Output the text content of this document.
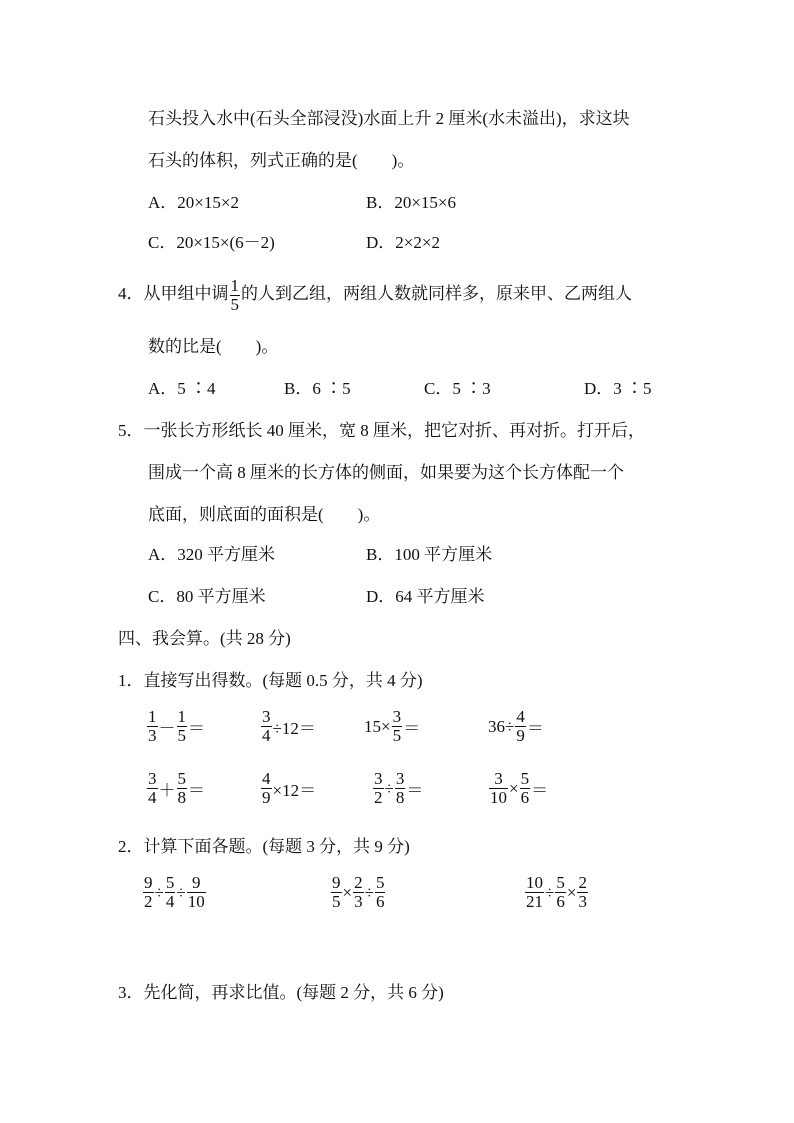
石头投入水中(石头全部浸没)水面上升 2 厘米(水未溢出)，求这块
石头的体积，列式正确的是(　　)。
A．20×15×2	B．20×15×6
C．20×15×(6－2)	D．2×2×2
4．从甲组中调 $\frac{1}{5}$ 的人到乙组，两组人数就同样多，原来甲、乙两组人
数的比是(　　)。
A．5 ∶4	B．6 ∶5	C．5 ∶3	D．3 ∶5
5．一张长方形纸长 40 厘米，宽 8 厘米，把它对折、再对折。打开后，
围成一个高 8 厘米的长方体的侧面，如果要为这个长方体配一个
底面，则底面的面积是(　　)。
A．320 平方厘米	B．100 平方厘米
C．80 平方厘米	D．64 平方厘米
四、我会算。(共 28 分)
1．直接写出得数。(每题 0.5 分，共 4 分)
$\frac{1}{3} - \frac{1}{5}$ ＝	$\frac{3}{4} \div 12=$	$15\times \frac{3}{5}$ ＝	$36\div \frac{4}{9}$ ＝
$\frac{3}{4} + \frac{5}{8}$ ＝	$\frac{4}{9} \times 12=$	$\frac{3}{2} \div \frac{3}{8}$ ＝	$\frac{3}{10} \times \frac{5}{6}$ ＝
2．计算下面各题。(每题 3 分，共 9 分)
$\frac{9}{2} \div \frac{5}{4} \div \frac{9}{10}$	$\frac{9}{5} \times \frac{2}{3} \div \frac{5}{6}$	$\frac{10}{21} \div \frac{5}{6} \times \frac{2}{3}$
3．先化简，再求比值。(每题 2 分，共 6 分)
